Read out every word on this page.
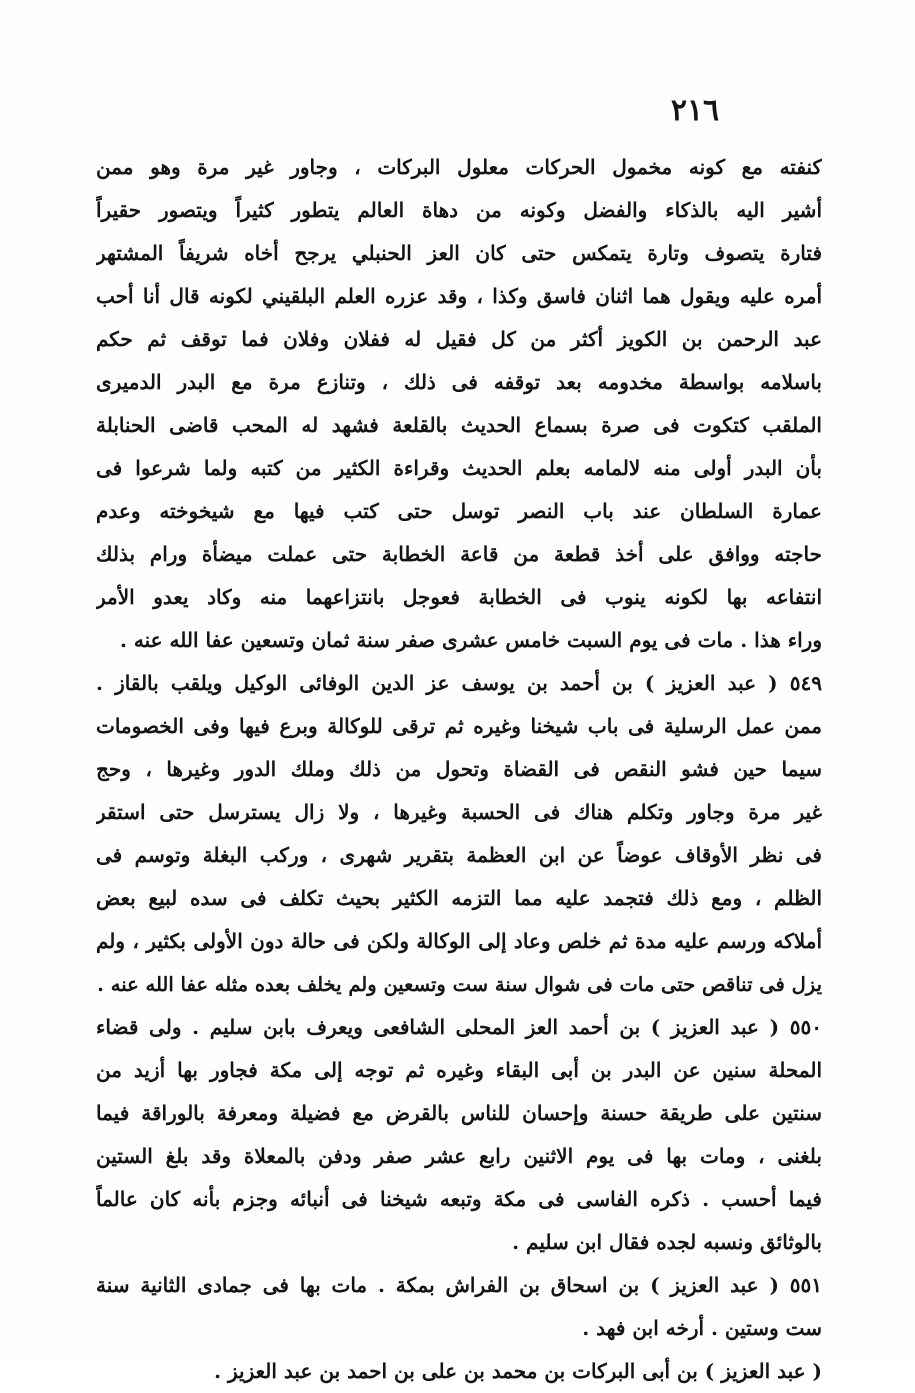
٢١٦
كنفته مع كونه مخمول الحركات معلول البركات ، وجاور غير مرة وهو ممن
أشير اليه بالذكاء والفضل وكونه من دهاة العالم يتطور كثيراً ويتصور حقيراً
فتارة يتصوف وتارة يتمكس حتى كان العز الحنبلي يرجح أخاه شريفاً المشتهر
أمره عليه ويقول هما اثنان فاسق وكذا ، وقد عزره العلم البلقيني لكونه قال أنا أحب
عبد الرحمن بن الكويز أكثر من كل فقيل له ففلان وفلان فما توقف ثم حكم
باسلامه بواسطة مخدومه بعد توقفه فى ذلك ، وتنازع مرة مع البدر الدميرى
الملقب كتكوت فى صرة بسماع الحديث بالقلعة فشهد له المحب قاضى الحنابلة
بأن البدر أولى منه لالمامه بعلم الحديث وقراءة الكثير من كتبه ولما شرعوا فى
عمارة السلطان عند باب النصر توسل حتى كتب فيها مع شيخوخته وعدم
حاجته ووافق على أخذ قطعة من قاعة الخطابة حتى عملت ميضأة ورام بذلك
انتفاعه بها لكونه ينوب فى الخطابة فعوجل بانتزاعهما منه وكاد يعدو الأمر
وراء هذا . مات فى يوم السبت خامس عشرى صفر سنة ثمان وتسعين عفا الله عنه .
٥٤٩ ( عبد العزيز ) بن أحمد بن يوسف عز الدين الوفائى الوكيل ويلقب بالقاز .
ممن عمل الرسلية فى باب شيخنا وغيره ثم ترقى للوكالة وبرع فيها وفى الخصومات
سيما حين فشو النقص فى القضاة وتحول من ذلك وملك الدور وغيرها ، وحج
غير مرة وجاور وتكلم هناك فى الحسبة وغيرها ، ولا زال يسترسل حتى استقر
فى نظر الأوقاف عوضاً عن ابن العظمة بتقرير شهرى ، وركب البغلة وتوسم فى
الظلم ، ومع ذلك فتجمد عليه مما التزمه الكثير بحيث تكلف فى سده لبيع بعض
أملاكه ورسم عليه مدة ثم خلص وعاد إلى الوكالة ولكن فى حالة دون الأولى بكثير ، ولم
يزل فى تناقص حتى مات فى شوال سنة ست وتسعين ولم يخلف بعده مثله عفا الله عنه .
٥٥٠ ( عبد العزيز ) بن أحمد العز المحلى الشافعى ويعرف بابن سليم . ولى قضاء
المحلة سنين عن البدر بن أبى البقاء وغيره ثم توجه إلى مكة فجاور بها أزيد من
سنتين على طريقة حسنة وإحسان للناس بالقرض مع فضيلة ومعرفة بالوراقة فيما
بلغنى ، ومات بها فى يوم الاثنين رابع عشر صفر ودفن بالمعلاة وقد بلغ الستين
فيما أحسب . ذكره الفاسى فى مكة وتبعه شيخنا فى أنبائه وجزم بأنه كان عالماً
بالوثائق ونسبه لجده فقال ابن سليم .
٥٥١ ( عبد العزيز ) بن اسحاق بن الفراش بمكة . مات بها فى جمادى الثانية سنة
ست وستين . أرخه ابن فهد .
( عبد العزيز ) بن أبى البركات بن محمد بن على بن احمد بن عبد العزيز .
